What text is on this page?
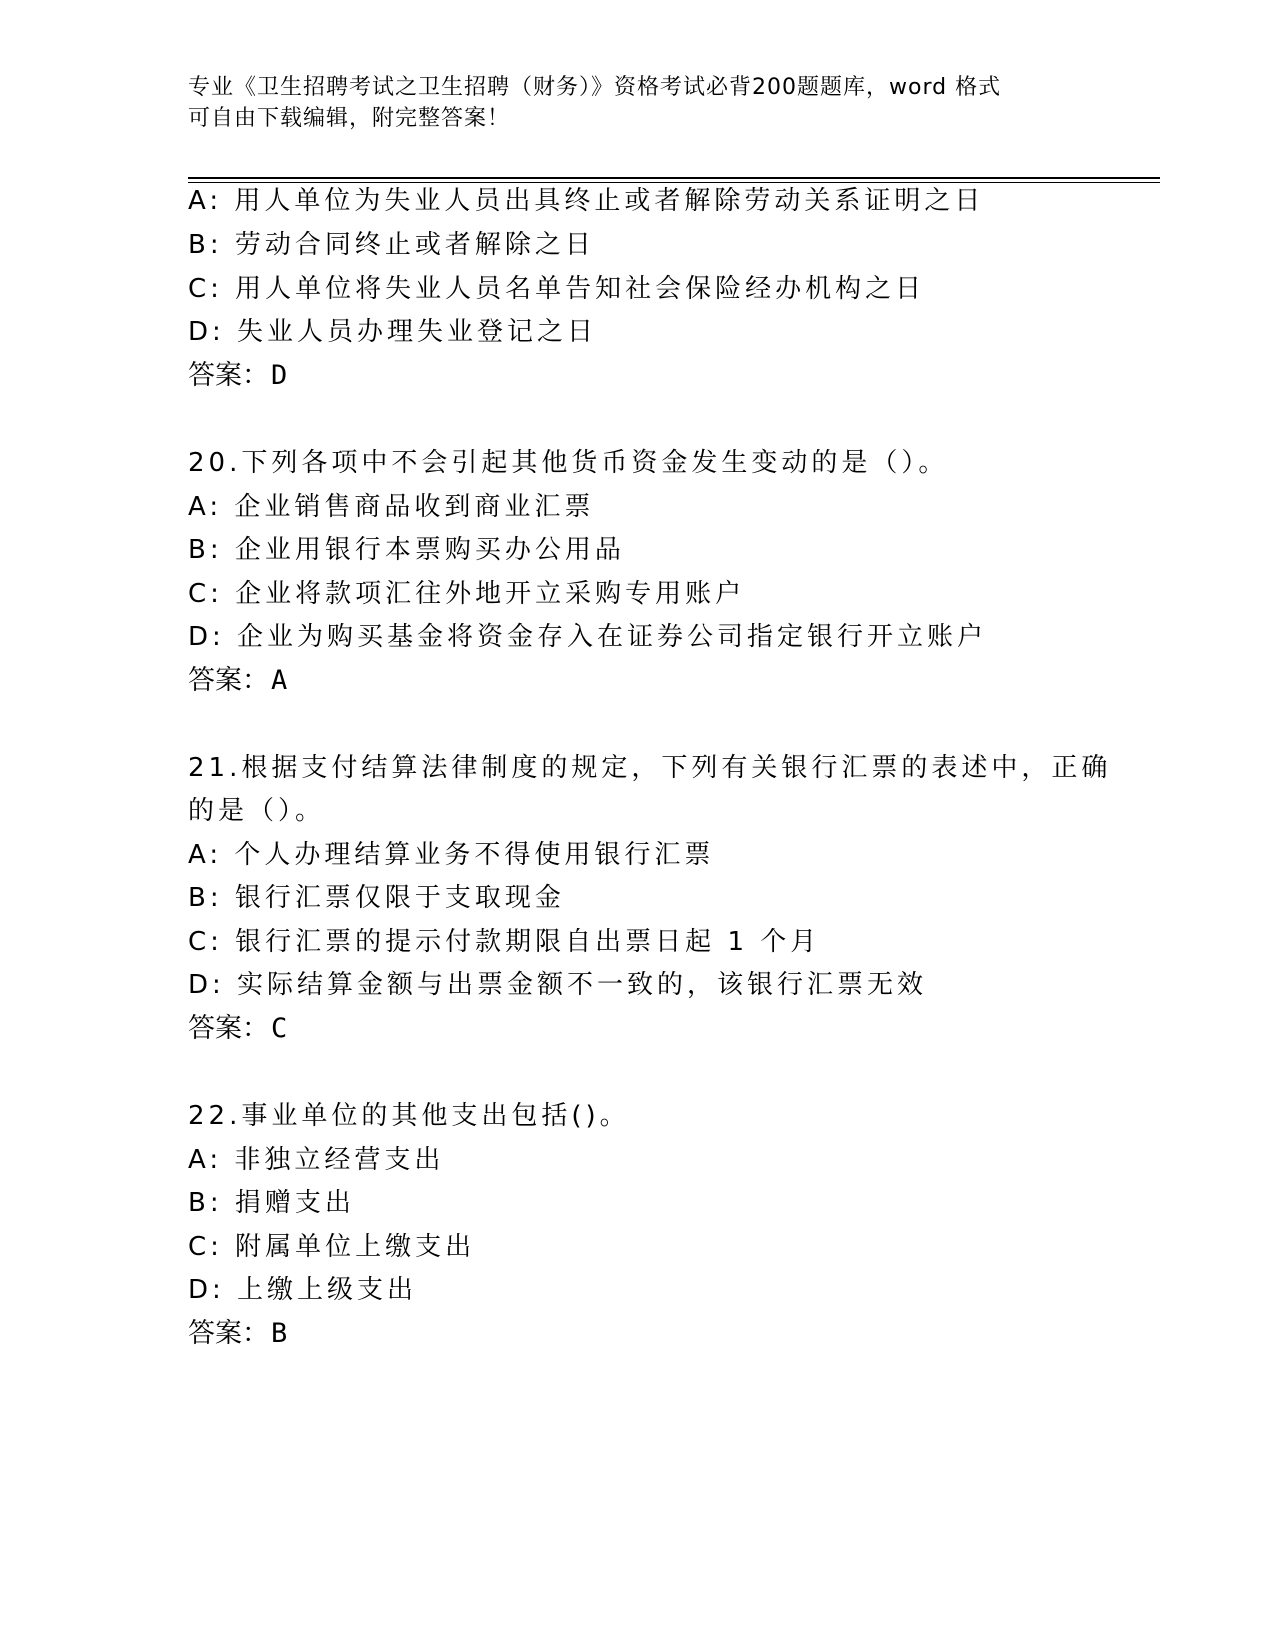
专业《卫生招聘考试之卫生招聘（财务）》资格考试必背200题题库，word 格式
可自由下载编辑，附完整答案！
A: 用人单位为失业人员出具终止或者解除劳动关系证明之日
B: 劳动合同终止或者解除之日
C: 用人单位将失业人员名单告知社会保险经办机构之日
D: 失业人员办理失业登记之日
答案：D
20.下列各项中不会引起其他货币资金发生变动的是（）。
A: 企业销售商品收到商业汇票
B: 企业用银行本票购买办公用品
C: 企业将款项汇往外地开立采购专用账户
D: 企业为购买基金将资金存入在证券公司指定银行开立账户
答案：A
21.根据支付结算法律制度的规定，下列有关银行汇票的表述中，正确
的是（）。
A: 个人办理结算业务不得使用银行汇票
B: 银行汇票仅限于支取现金
C: 银行汇票的提示付款期限自出票日起 1 个月
D: 实际结算金额与出票金额不一致的，该银行汇票无效
答案：C
22.事业单位的其他支出包括()。
A: 非独立经营支出
B: 捐赠支出
C: 附属单位上缴支出
D: 上缴上级支出
答案：B
